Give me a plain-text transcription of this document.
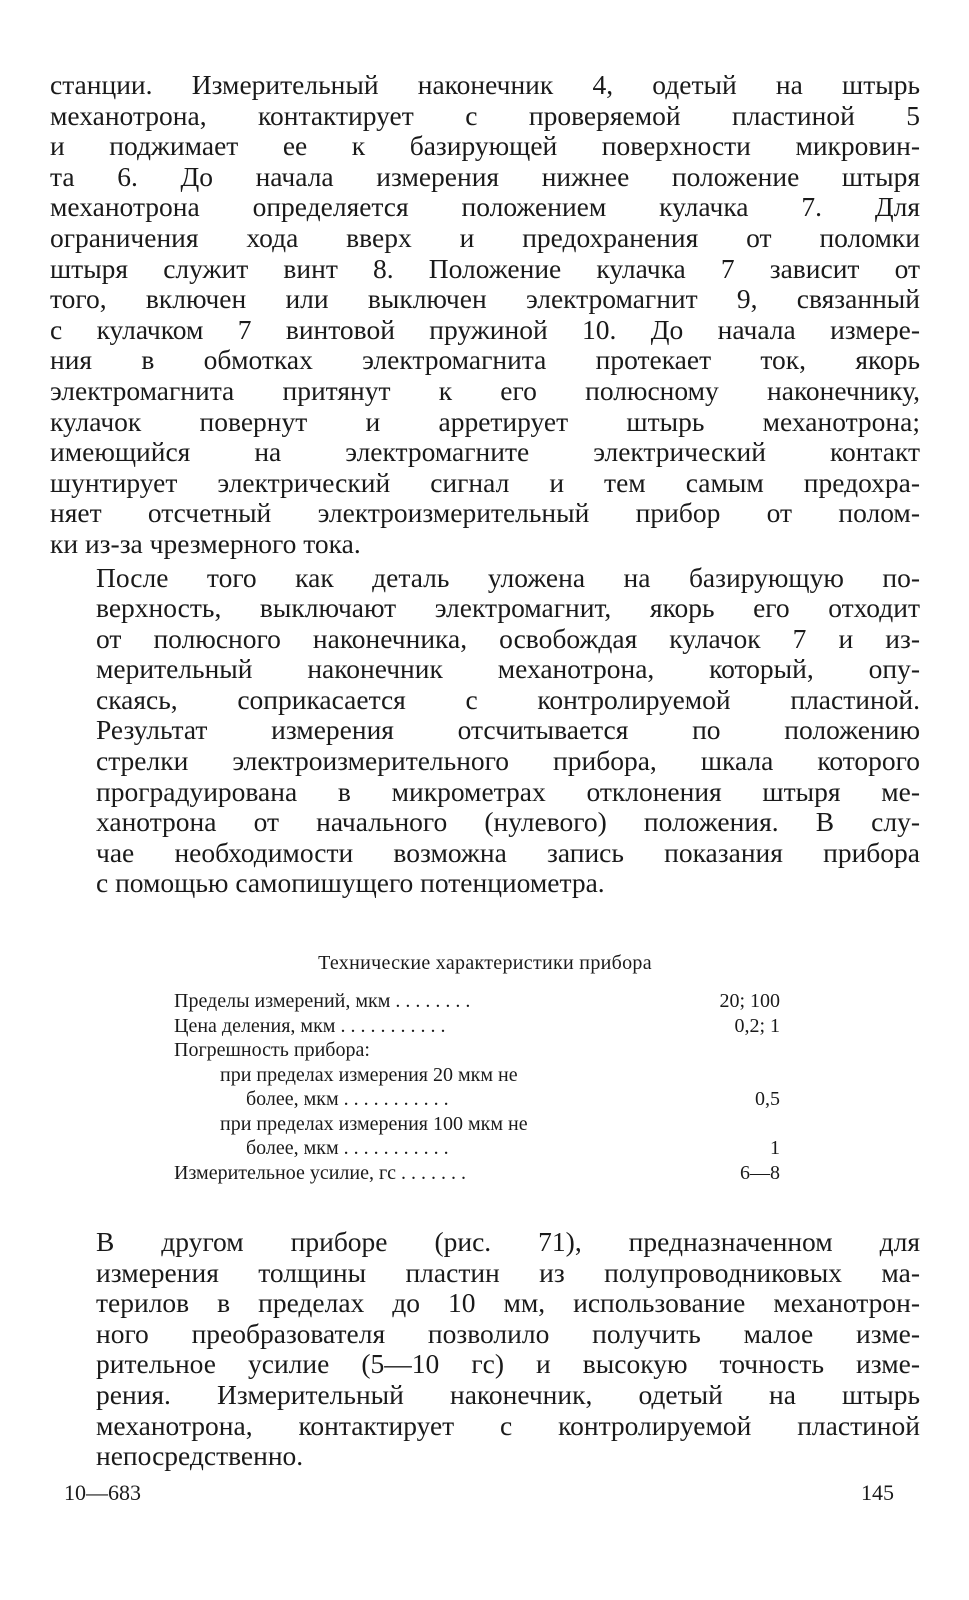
станции. Измерительный наконечник 4, одетый на штырь
механотрона, контактирует с проверяемой пластиной 5
и поджимает ее к базирующей поверхности микровин-
та 6. До начала измерения нижнее положение штыря
механотрона определяется положением кулачка 7. Для
ограничения хода вверх и предохранения от поломки
штыря служит винт 8. Положение кулачка 7 зависит от
того, включен или выключен электромагнит 9, связанный
с кулачком 7 винтовой пружиной 10. До начала измере-
ния в обмотках электромагнита протекает ток, якорь
электромагнита притянут к его полюсному наконечнику,
кулачок повернут и арретирует штырь механотрона;
имеющийся на электромагните электрический контакт
шунтирует электрический сигнал и тем самым предохра-
няет отсчетный электроизмерительный прибор от полом-
ки из-за чрезмерного тока.

После того как деталь уложена на базирующую по-
верхность, выключают электромагнит, якорь его отходит
от полюсного наконечника, освобождая кулачок 7 и из-
мерительный наконечник механотрона, который, опу-
скаясь, соприкасается с контролируемой пластиной.
Результат измерения отсчитывается по положению
стрелки электроизмерительного прибора, шкала которого
проградуирована в микрометрах отклонения штыря ме-
ханотрона от начального (нулевого) положения. В слу-
чае необходимости возможна запись показания прибора
с помощью самопишущего потенциометра.

Технические характеристики прибора
Пределы измерений, мкм . . . . . . . .	20; 100
Цена деления, мкм . . . . . . . . . . .	0,2; 1
Погрешность прибора:
при пределах измерения 20 мкм не
более, мкм . . . . . . . . . . .	0,5
при пределах измерения 100 мкм не
более, мкм . . . . . . . . . . .	1
Измерительное усилие, гс . . . . . . .	6—8

В другом приборе (рис. 71), предназначенном для
измерения толщины пластин из полупроводниковых ма-
терилов в пределах до 10 мм, использование механотрон-
ного преобразователя позволило получить малое изме-
рительное усилие (5—10 гс) и высокую точность изме-
рения. Измерительный наконечник, одетый на штырь
механотрона, контактирует с контролируемой пластиной
непосредственно.

10—683	145
